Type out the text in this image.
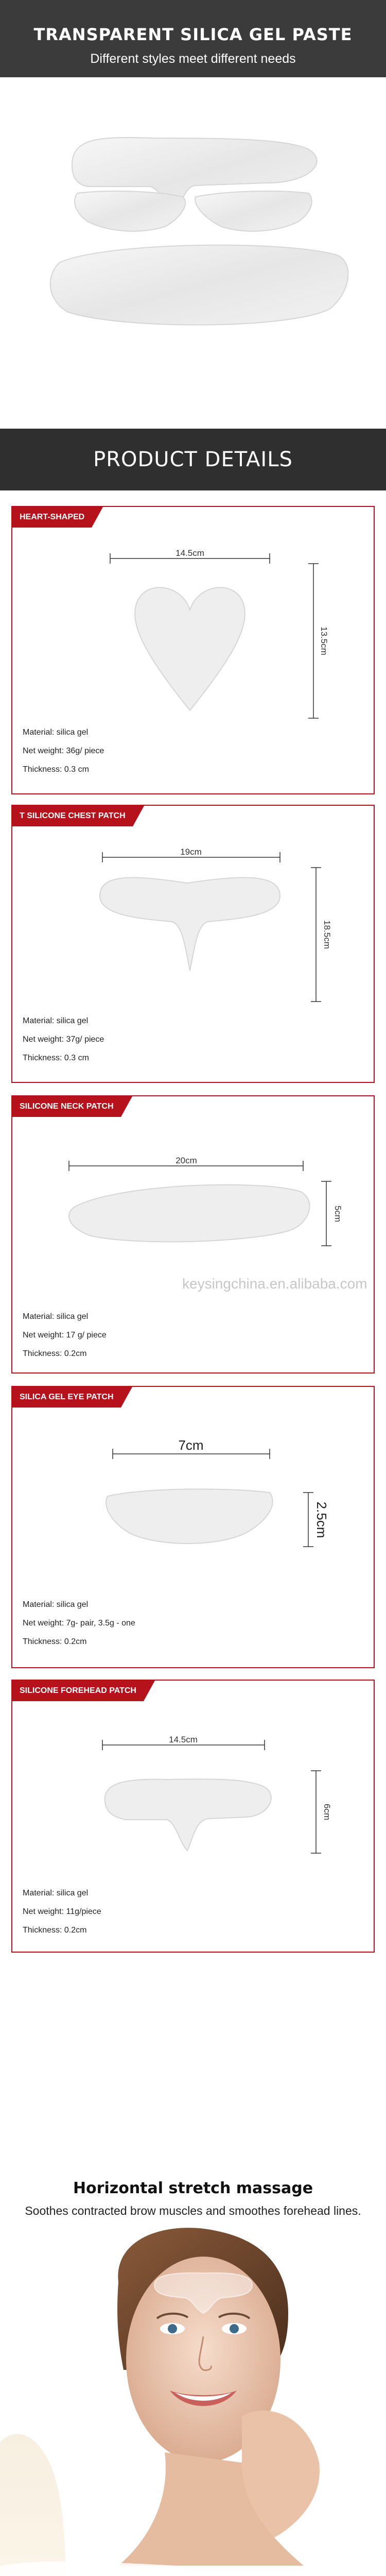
TRANSPARENT SILICA GEL PASTE
Different styles meet different needs
PRODUCT DETAILS
HEART-SHAPED
14.5cm
13.5cm
Material: silica gel
Net weight: 36g/ piece
Thickness: 0.3 cm
T SILICONE CHEST PATCH
19cm
18.5cm
Material: silica gel
Net weight: 37g/ piece
Thickness: 0.3 cm
SILICONE NECK PATCH
20cm
5cm
keysingchina.en.alibaba.com
Material: silica gel
Net weight: 17 g/ piece
Thickness: 0.2cm
SILICA GEL EYE PATCH
7cm
2.5cm
Material: silica gel
Net weight: 7g- pair, 3.5g - one
Thickness: 0.2cm
SILICONE FOREHEAD PATCH
14.5cm
6cm
Material: silica gel
Net weight: 11g/piece
Thickness: 0.2cm
Horizontal stretch massage
Soothes contracted brow muscles and smoothes forehead lines.
